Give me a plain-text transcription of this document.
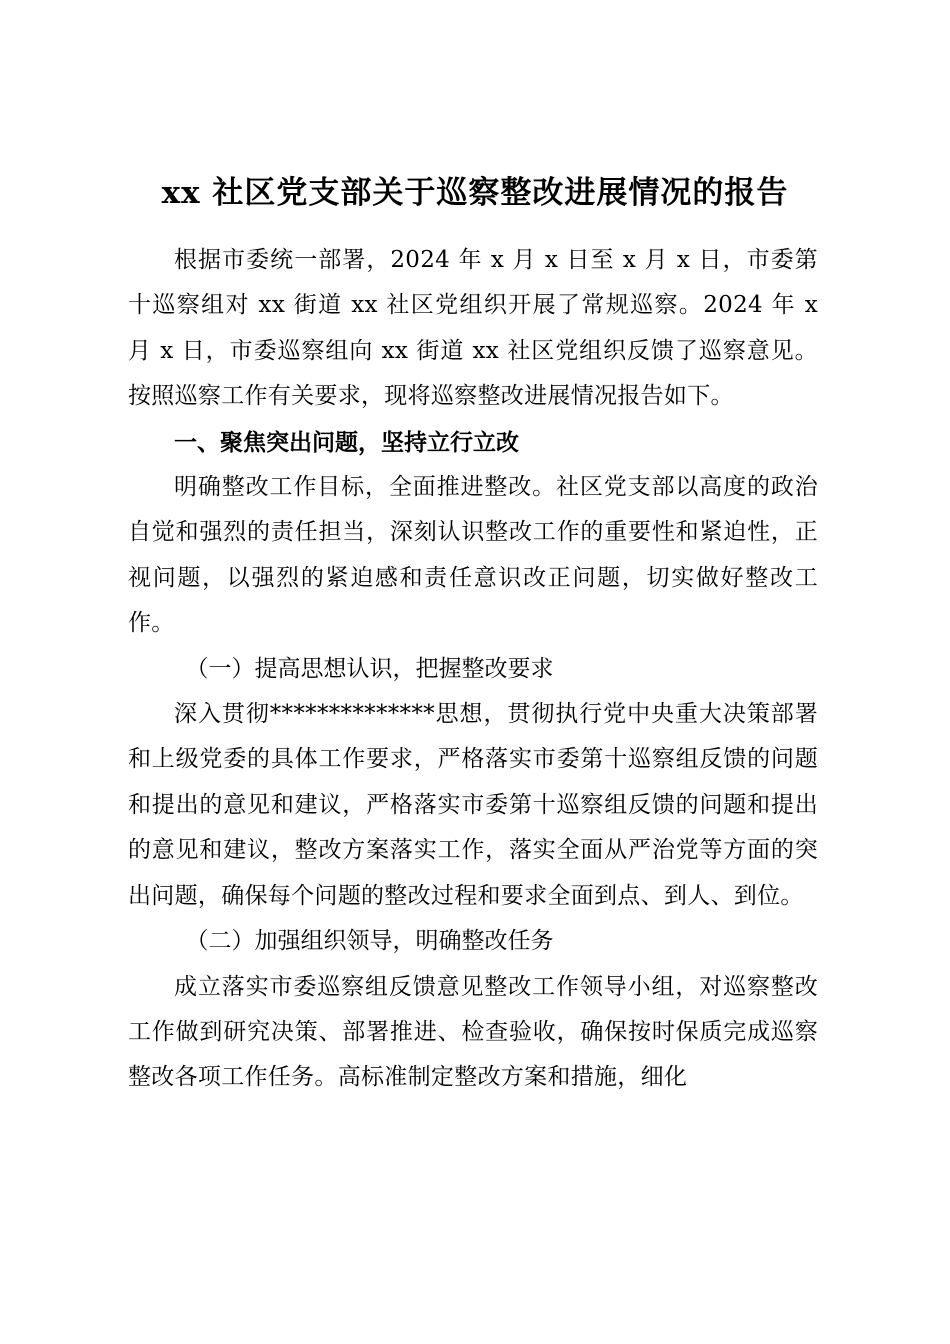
xx 社区党支部关于巡察整改进展情况的报告

根据市委统一部署，2024 年 x 月 x 日至 x 月 x 日，市委第十巡察组对 xx 街道 xx 社区党组织开展了常规巡察。2024 年 x 月 x 日，市委巡察组向 xx 街道 xx 社区党组织反馈了巡察意见。按照巡察工作有关要求，现将巡察整改进展情况报告如下。

一、聚焦突出问题，坚持立行立改

明确整改工作目标，全面推进整改。社区党支部以高度的政治自觉和强烈的责任担当，深刻认识整改工作的重要性和紧迫性，正视问题，以强烈的紧迫感和责任意识改正问题，切实做好整改工作。

（一）提高思想认识，把握整改要求

深入贯彻**************思想，贯彻执行党中央重大决策部署和上级党委的具体工作要求，严格落实市委第十巡察组反馈的问题和提出的意见和建议，严格落实市委第十巡察组反馈的问题和提出的意见和建议，整改方案落实工作，落实全面从严治党等方面的突出问题，确保每个问题的整改过程和要求全面到点、到人、到位。

（二）加强组织领导，明确整改任务

成立落实市委巡察组反馈意见整改工作领导小组，对巡察整改工作做到研究决策、部署推进、检查验收，确保按时保质完成巡察整改各项工作任务。高标准制定整改方案和措施，细化
